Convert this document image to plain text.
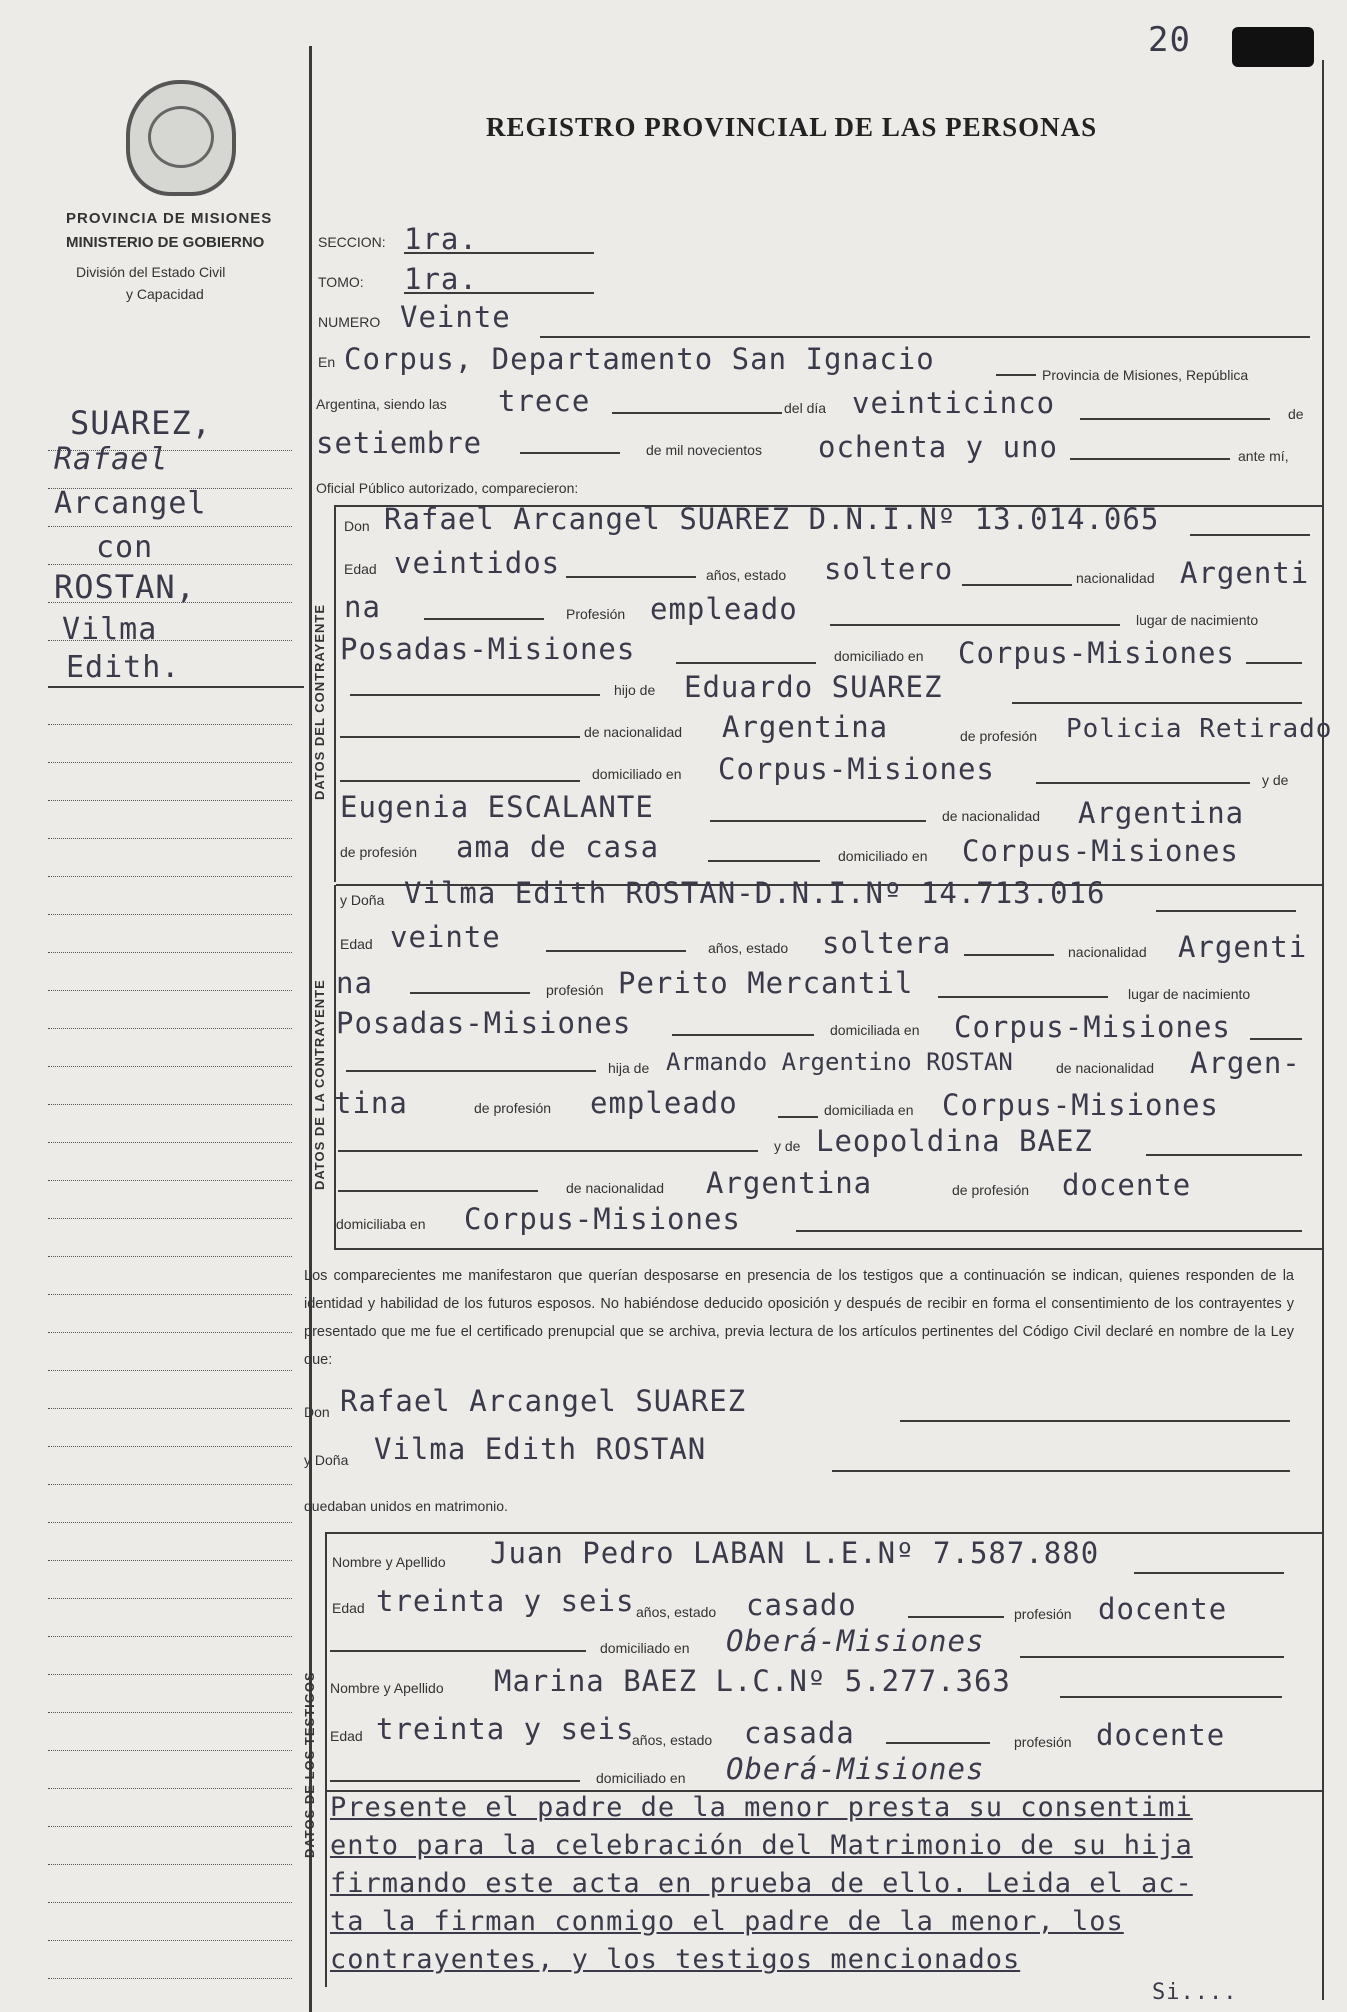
20
PROVINCIA DE MISIONES
MINISTERIO DE GOBIERNO
División del Estado Civil
y Capacidad
REGISTRO PROVINCIAL DE LAS PERSONAS
DATOS DEL CONTRAYENTE
DATOS DE LA CONTRAYENTE
DATOS DE LOS TESTIGOS
SUAREZ,
Rafael
Arcangel
con
ROSTAN,
Vilma
Edith.
SECCION: 1ra.
TOMO: 1ra.
NUMERO Veinte
En Corpus, Departamento San Ignacio	Provincia de Misiones, República
Argentina, siendo las trece	del día veinticinco	de
setiembre	de mil novecientos ochenta y uno	ante mí,
Oficial Público autorizado, comparecieron:
Don Rafael Arcangel SUAREZ D.N.I.Nº 13.014.065
Edad veintidos	años, estado soltero	nacionalidad Argenti
na	Profesión empleado	lugar de nacimiento
Posadas-Misiones	domiciliado en Corpus-Misiones
hijo de Eduardo SUAREZ
de nacionalidad Argentina	de profesión Policia Retirado
domiciliado en Corpus-Misiones	y de
Eugenia ESCALANTE	de nacionalidad Argentina
de profesión ama de casa	domiciliado en Corpus-Misiones
y Doña Vilma Edith ROSTAN-D.N.I.Nº 14.713.016
Edad veinte	años, estado soltera	nacionalidad Argenti
na	profesión Perito Mercantil	lugar de nacimiento
Posadas-Misiones	domiciliada en Corpus-Misiones
hija de Armando Argentino ROSTAN	de nacionalidad Argen-
tina	de profesión empleado	domiciliada en Corpus-Misiones
y de Leopoldina BAEZ
de nacionalidad Argentina	de profesión docente
domiciliaba en Corpus-Misiones
Los comparecientes me manifestaron que querían desposarse en presencia de los testigos que a continuación se indican, quienes responden de la identidad y habilidad de los futuros esposos. No habiéndose deducido oposición y después de recibir en forma el consentimiento de los contrayentes y presentado que me fue el certificado prenupcial que se archiva, previa lectura de los artículos pertinentes del Código Civil declaré en nombre de la Ley que:
Don Rafael Arcangel SUAREZ
y Doña Vilma Edith ROSTAN
quedaban unidos en matrimonio.
Nombre y Apellido Juan Pedro LABAN L.E.Nº 7.587.880
Edad treinta y seis años, estado casado	profesión docente
domiciliado en Oberá-Misiones
Nombre y Apellido Marina BAEZ L.C.Nº 5.277.363
Edad treinta y seis
años, estado casada	profesión docente
domiciliado en Oberá-Misiones
Presente el padre de la menor presta su consentimi
ento para la celebración del Matrimonio de su hija
firmando este acta en prueba de ello. Leida el ac-
ta la firman conmigo el padre de la menor, los
contrayentes, y los testigos mencionados
Si....
